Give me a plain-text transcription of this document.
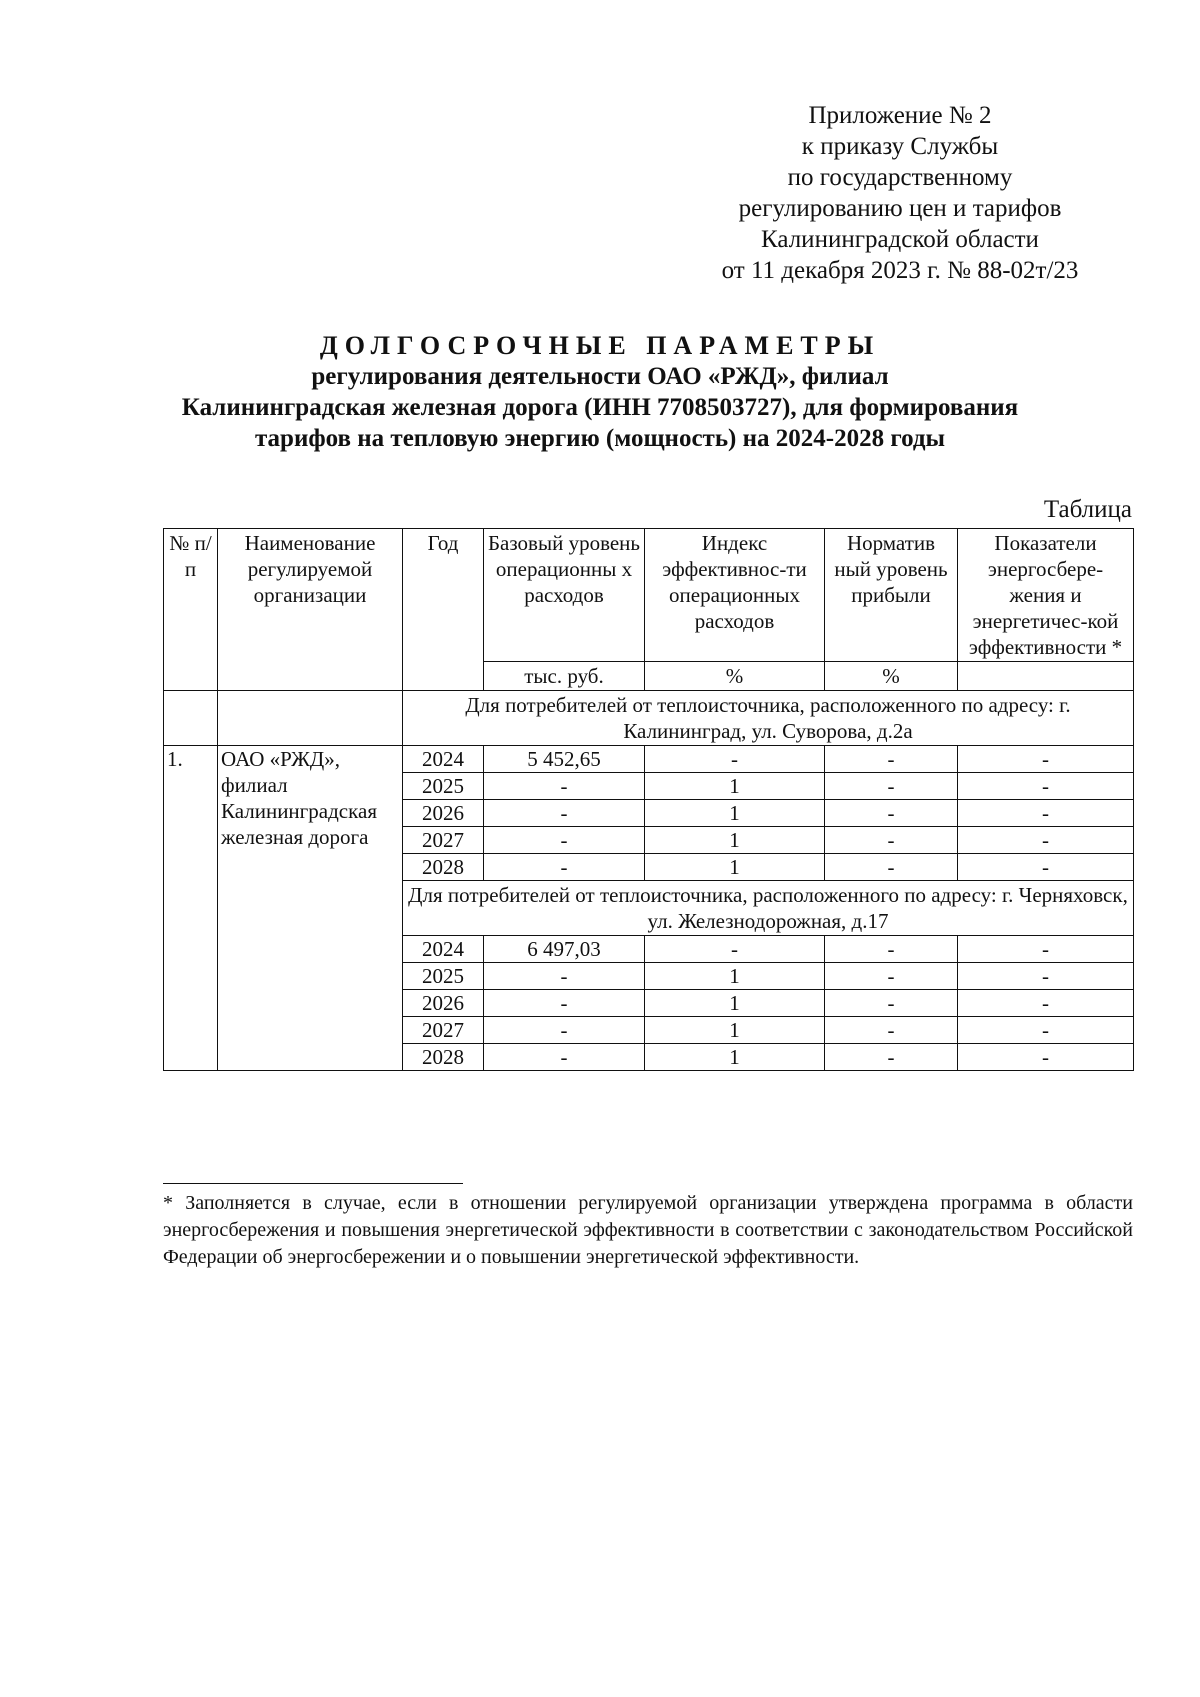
Приложение № 2
к приказу Службы
по государственному
регулированию цен и тарифов
Калининградской области
от 11 декабря 2023 г. № 88-02т/23
ДОЛГОСРОЧНЫЕ ПАРАМЕТРЫ
регулирования деятельности ОАО «РЖД», филиал
Калининградская железная дорога (ИНН 7708503727), для формирования
тарифов на тепловую энергию (мощность) на 2024-2028 годы
Таблица
№ п/п	Наименование регулируемой организации	Год	Базовый уровень операционны х расходов	Индекс эффективнос-ти операционных расходов	Норматив ный уровень прибыли	Показатели энергосбере-жения и энергетичес-кой эффективности *
			тыс. руб.	%	%	
		Для потребителей от теплоисточника, расположенного по адресу: г. Калининград, ул. Суворова, д.2а				
1.	ОАО «РЖД», филиал Калининградская железная дорога	2024	5 452,65	-	-	-
		2025	-	1	-	-
		2026	-	1	-	-
		2027	-	1	-	-
		2028	-	1	-	-
		Для потребителей от теплоисточника, расположенного по адресу: г. Черняховск, ул. Железнодорожная, д.17				
		2024	6 497,03	-	-	-
		2025	-	1	-	-
		2026	-	1	-	-
		2027	-	1	-	-
		2028	-	1	-	-
* Заполняется в случае, если в отношении регулируемой организации утверждена программа в области энергосбережения и повышения энергетической эффективности в соответствии с законодательством Российской Федерации об энергосбережении и о повышении энергетической эффективности.
